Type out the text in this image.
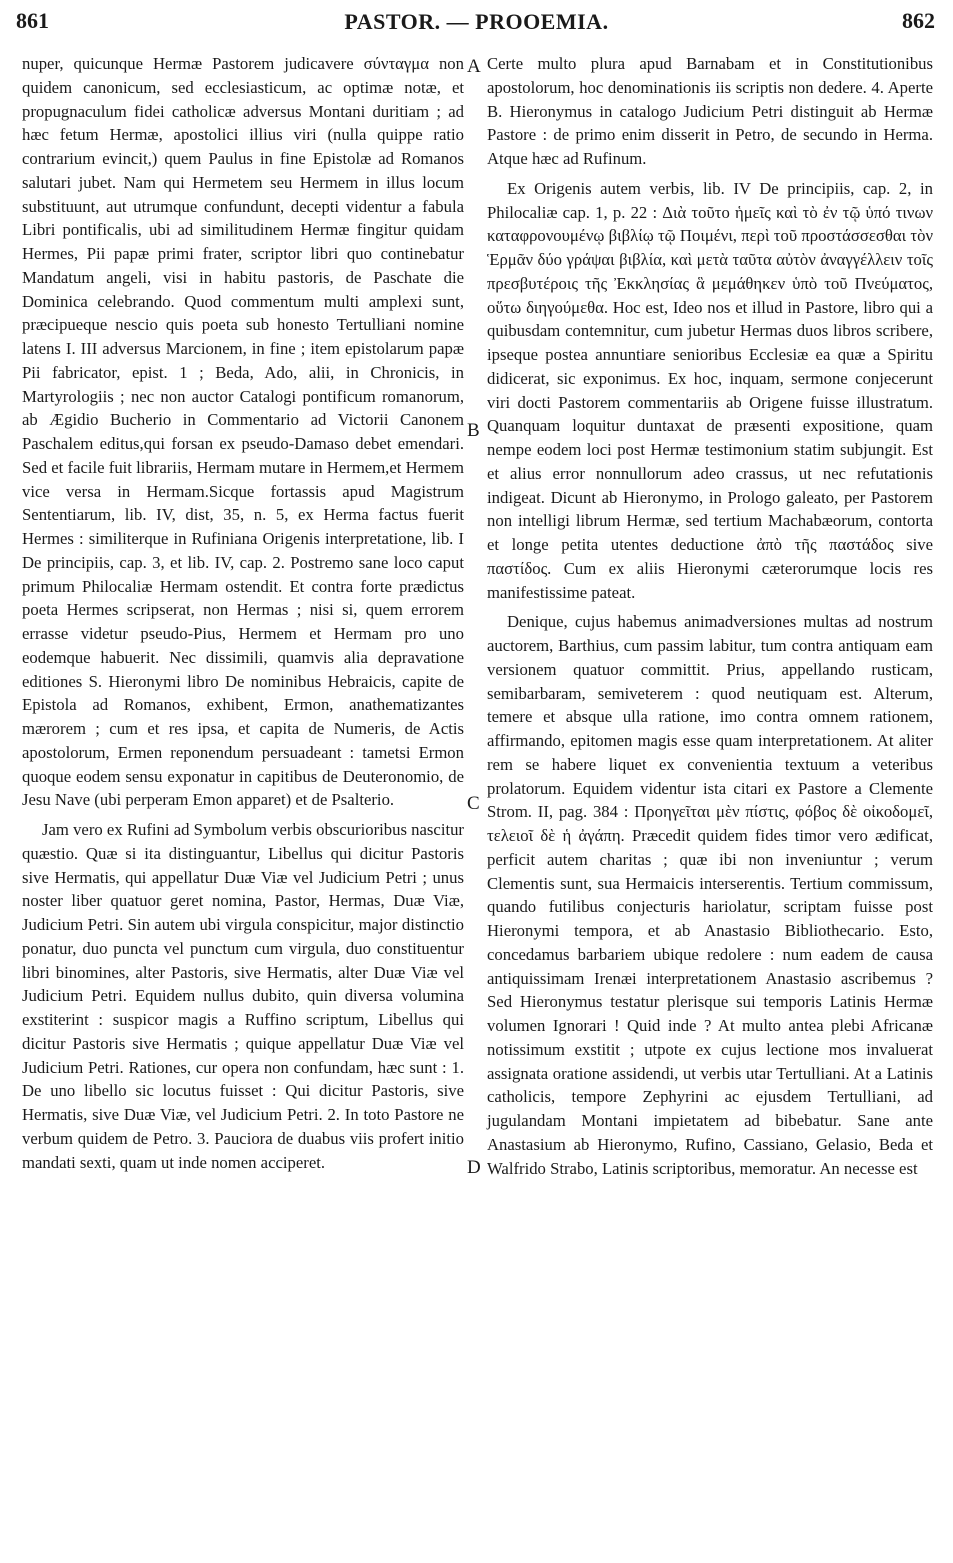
861	PASTOR. — PROOEMIA.	862

nuper, quicunque Hermæ Pastorem judicavere σύνταγμα non quidem canonicum, sed ecclesiasticum, ac optimæ notæ, et propugnaculum fidei catholicæ adversus Montani duritiam ; ad hæc fetum Hermæ, apostolici illius viri (nulla quippe ratio contrarium evincit,) quem Paulus in fine Epistolæ ad Romanos salutari jubet. Nam qui Hermetem seu Hermem in illus locum substituunt, aut utrumque confundunt, decepti videntur a fabula Libri pontificalis, ubi ad similitudinem Hermæ fingitur quidam Hermes, Pii papæ primi frater, scriptor libri quo continebatur Mandatum angeli, visi in habitu pastoris, de Paschate die Dominica celebrando. Quod commentum multi amplexi sunt, præcipueque nescio quis poeta sub honesto Tertulliani nomine latens I. III adversus Marcionem, in fine ; item epistolarum papæ Pii fabricator, epist. 1 ; Beda, Ado, alii, in Chronicis, in Martyrologiis ; nec non auctor Catalogi pontificum romanorum, ab Ægidio Bucherio in Commentario ad Victorii Canonem Paschalem editus,qui forsan ex pseudo-Damaso debet emendari. Sed et facile fuit librariis, Hermam mutare in Hermem,et Hermem vice versa in Hermam.Sicque fortassis apud Magistrum Sententiarum, lib. IV, dist, 35, n. 5, ex Herma factus fuerit Hermes : similiterque in Rufiniana Origenis interpretatione, lib. I De principiis, cap. 3, et lib. IV, cap. 2. Postremo sane loco caput primum Philocaliæ Hermam ostendit. Et contra forte prædictus poeta Hermes scripserat, non Hermas ; nisi si, quem errorem errasse videtur pseudo-Pius, Hermem et Hermam pro uno eodemque habuerit. Nec dissimili, quamvis alia depravatione editiones S. Hieronymi libro De nominibus Hebraicis, capite de Epistola ad Romanos, exhibent, Ermon, anathematizantes mærorem ; cum et res ipsa, et capita de Numeris, de Actis apostolorum, Ermen reponendum persuadeant : tametsi Ermon quoque eodem sensu exponatur in capitibus de Deuteronomio, de Jesu Nave (ubi perperam Emon apparet) et de Psalterio.

Jam vero ex Rufini ad Symbolum verbis obscurioribus nascitur quæstio. Quæ si ita distinguantur, Libellus qui dicitur Pastoris sive Hermatis, qui appellatur Duæ Viæ vel Judicium Petri ; unus noster liber quatuor geret nomina, Pastor, Hermas, Duæ Viæ, Judicium Petri. Sin autem ubi virgula conspicitur, major distinctio ponatur, duo puncta vel punctum cum virgula, duo constituentur libri binomines, alter Pastoris, sive Hermatis, alter Duæ Viæ vel Judicium Petri. Equidem nullus dubito, quin diversa volumina exstiterint : suspicor magis a Ruffino scriptum, Libellus qui dicitur Pastoris sive Hermatis ; quique appellatur Duæ Viæ vel Judicium Petri. Rationes, cur opera non confundam, hæc sunt : 1. De uno libello sic locutus fuisset : Qui dicitur Pastoris, sive Hermatis, sive Duæ Viæ, vel Judicium Petri. 2. In toto Pastore ne verbum quidem de Petro. 3. Pauciora de duabus viis profert initio mandati sexti, quam ut inde nomen acciperet.

A
B
C
D

Certe multo plura apud Barnabam et in Constitutionibus apostolorum, hoc denominationis iis scriptis non dedere. 4. Aperte B. Hieronymus in catalogo Judicium Petri distinguit ab Hermæ Pastore : de primo enim disserit in Petro, de secundo in Herma. Atque hæc ad Rufinum.

Ex Origenis autem verbis, lib. IV De principiis, cap. 2, in Philocaliæ cap. 1, p. 22 : Διὰ τοῦτο ἡμεῖς καὶ τὸ ἐν τῷ ὑπό τινων καταφρονουμένῳ βιβλίῳ τῷ Ποιμένι, περὶ τοῦ προστάσσεσθαι τὸν Ἑρμᾶν δύο γράψαι βιβλία, καὶ μετὰ ταῦτα αὐτὸν ἀναγγέλλειν τοῖς πρεσβυτέροις τῆς Ἐκκλησίας ἃ μεμάθηκεν ὑπὸ τοῦ Πνεύματος, οὕτω διηγούμεθα. Hoc est, Ideo nos et illud in Pastore, libro qui a quibusdam contemnitur, cum jubetur Hermas duos libros scribere, ipseque postea annuntiare senioribus Ecclesiæ ea quæ a Spiritu didicerat, sic exponimus. Ex hoc, inquam, sermone conjecerunt viri docti Pastorem commentariis ab Origene fuisse illustratum. Quanquam loquitur duntaxat de præsenti expositione, quam nempe eodem loci post Hermæ testimonium statim subjungit. Est et alius error nonnullorum adeo crassus, ut nec refutationis indigeat. Dicunt ab Hieronymo, in Prologo galeato, per Pastorem non intelligi librum Hermæ, sed tertium Machabæorum, contorta et longe petita utentes deductione ἀπὸ τῆς παστάδος sive παστίδος. Cum ex aliis Hieronymi cæterorumque locis res manifestissime pateat.

Denique, cujus habemus animadversiones multas ad nostrum auctorem, Barthius, cum passim labitur, tum contra antiquam eam versionem quatuor committit. Prius, appellando rusticam, semibarbaram, semiveterem : quod neutiquam est. Alterum, temere et absque ulla ratione, imo contra omnem rationem, affirmando, epitomen magis esse quam interpretationem. At aliter rem se habere liquet ex convenientia textuum a veteribus prolatorum. Equidem videntur ista citari ex Pastore a Clemente Strom. II, pag. 384 : Προηγεῖται μὲν πίστις, φόβος δὲ οἰκοδομεῖ, τελειοῖ δὲ ἡ ἀγάπη. Præcedit quidem fides timor vero ædificat, perficit autem charitas ; quæ ibi non inveniuntur ; verum Clementis sunt, sua Hermaicis interserentis. Tertium commissum, quando futilibus conjecturis hariolatur, scriptam fuisse post Hieronymi tempora, et ab Anastasio Bibliothecario. Esto, concedamus barbariem ubique redolere : num eadem de causa antiquissimam Irenæi interpretationem Anastasio ascribemus ? Sed Hieronymus testatur plerisque sui temporis Latinis Hermæ volumen Ignorari ! Quid inde ? At multo antea plebi Africanæ notissimum exstitit ; utpote ex cujus lectione mos invaluerat assignata oratione assidendi, ut verbis utar Tertulliani. At a Latinis catholicis, tempore Zephyrini ac ejusdem Tertulliani, ad jugulandam Montani impietatem ad bibebatur. Sane ante Anastasium ab Hieronymo, Rufino, Cassiano, Gelasio, Beda et Walfrido Strabo, Latinis scriptoribus, memoratur. An necesse est
